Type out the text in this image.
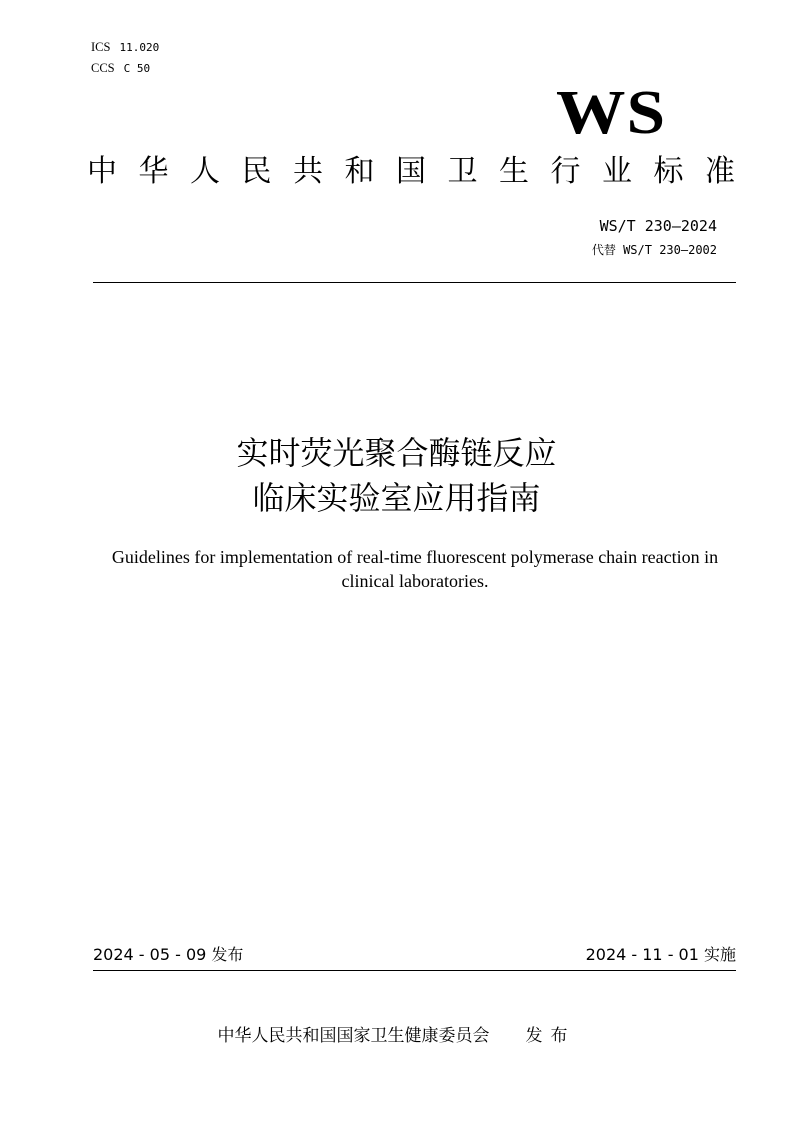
ICS 11.020
CCS C 50
WS
中 华 人 民 共 和 国 卫 生 行 业 标 准
WS/T 230—2024
代替 WS/T 230—2002
实时荧光聚合酶链反应
临床实验室应用指南
Guidelines for implementation of real-time fluorescent polymerase chain reaction in clinical laboratories.
2024 - 05 - 09 发布	2024 - 11 - 01 实施
中华人民共和国国家卫生健康委员会 发布
